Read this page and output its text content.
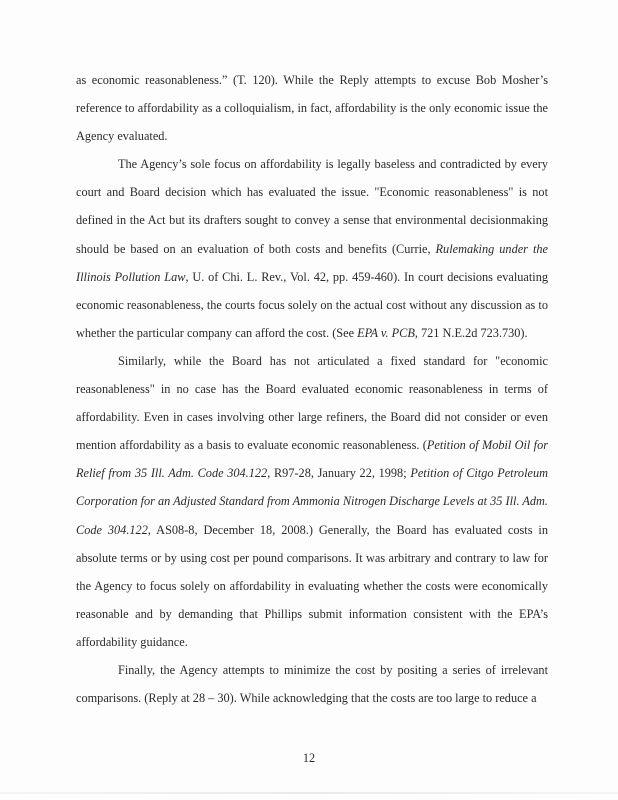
as economic reasonableness.” (T. 120). While the Reply attempts to excuse Bob Mosher’s reference to affordability as a colloquialism, in fact, affordability is the only economic issue the Agency evaluated.

The Agency’s sole focus on affordability is legally baseless and contradicted by every court and Board decision which has evaluated the issue. "Economic reasonableness" is not defined in the Act but its drafters sought to convey a sense that environmental decisionmaking should be based on an evaluation of both costs and benefits (Currie, Rulemaking under the Illinois Pollution Law, U. of Chi. L. Rev., Vol. 42, pp. 459-460). In court decisions evaluating economic reasonableness, the courts focus solely on the actual cost without any discussion as to whether the particular company can afford the cost. (See EPA v. PCB, 721 N.E.2d 723.730).

Similarly, while the Board has not articulated a fixed standard for "economic reasonableness" in no case has the Board evaluated economic reasonableness in terms of affordability. Even in cases involving other large refiners, the Board did not consider or even mention affordability as a basis to evaluate economic reasonableness. (Petition of Mobil Oil for Relief from 35 Ill. Adm. Code 304.122, R97-28, January 22, 1998; Petition of Citgo Petroleum Corporation for an Adjusted Standard from Ammonia Nitrogen Discharge Levels at 35 Ill. Adm. Code 304.122, AS08-8, December 18, 2008.) Generally, the Board has evaluated costs in absolute terms or by using cost per pound comparisons. It was arbitrary and contrary to law for the Agency to focus solely on affordability in evaluating whether the costs were economically reasonable and by demanding that Phillips submit information consistent with the EPA’s affordability guidance.

Finally, the Agency attempts to minimize the cost by positing a series of irrelevant comparisons. (Reply at 28 – 30). While acknowledging that the costs are too large to reduce a

12
